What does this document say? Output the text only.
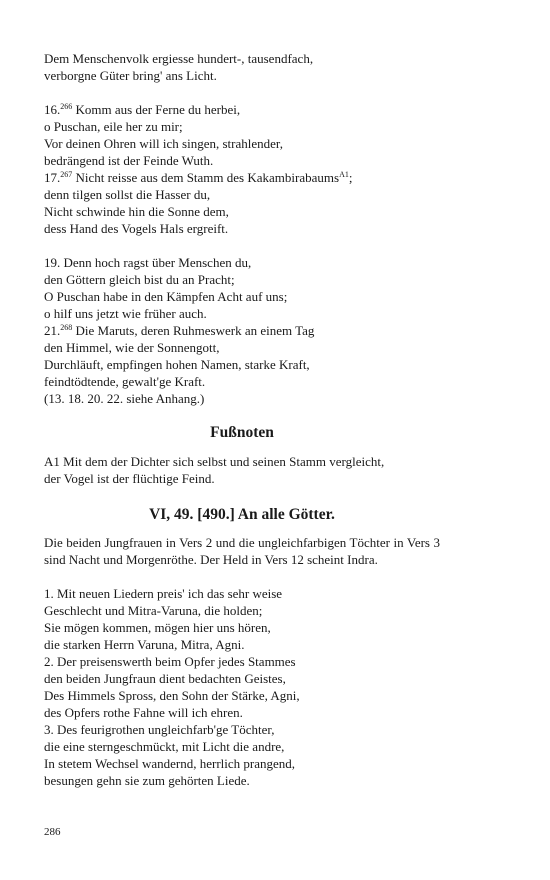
Dem Menschenvolk ergiesse hundert-, tausendfach,
verborgne Güter bring' ans Licht.
16.$^{266}$ Komm aus der Ferne du herbei,
o Puschan, eile her zu mir;
Vor deinen Ohren will ich singen, strahlender,
bedrängend ist der Feinde Wuth.
17.$^{267}$ Nicht reisse aus dem Stamm des Kakambirabaums$^{A1}$;
denn tilgen sollst die Hasser du,
Nicht schwinde hin die Sonne dem,
dess Hand des Vogels Hals ergreift.
19. Denn hoch ragst über Menschen du,
den Göttern gleich bist du an Pracht;
O Puschan habe in den Kämpfen Acht auf uns;
o hilf uns jetzt wie früher auch.
21.$^{268}$ Die Maruts, deren Ruhmeswerk an einem Tag
den Himmel, wie der Sonnengott,
Durchläuft, empfingen hohen Namen, starke Kraft,
feindtödtende, gewalt'ge Kraft.
(13. 18. 20. 22. siehe Anhang.)
Fußnoten
A1 Mit dem der Dichter sich selbst und seinen Stamm vergleicht,
der Vogel ist der flüchtige Feind.
VI, 49. [490.] An alle Götter.

Die beiden Jungfrauen in Vers 2 und die ungleichfarbigen Töchter in Vers 3 sind Nacht und Morgenröthe. Der Held in Vers 12 scheint Indra.

1. Mit neuen Liedern preis' ich das sehr weise
Geschlecht und Mitra-Varuna, die holden;
Sie mögen kommen, mögen hier uns hören,
die starken Herrn Varuna, Mitra, Agni.
2. Der preisenswerth beim Opfer jedes Stammes
den beiden Jungfraun dient bedachten Geistes,
Des Himmels Spross, den Sohn der Stärke, Agni,
des Opfers rothe Fahne will ich ehren.
3. Des feurigrothen ungleichfarb'ge Töchter,
die eine sterngeschmückt, mit Licht die andre,
In stetem Wechsel wandernd, herrlich prangend,
besungen gehn sie zum gehörten Liede.
286
